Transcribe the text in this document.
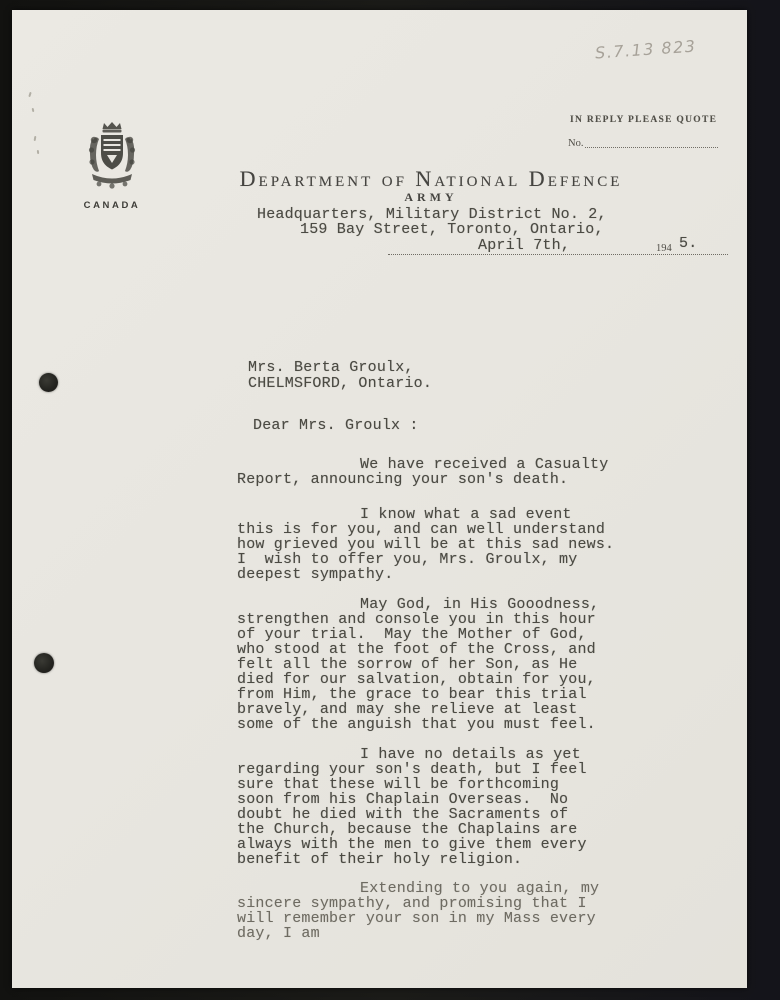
S.7.13 823
IN REPLY PLEASE QUOTE
No.
CANADA
Department of National Defence
ARMY
Headquarters, Military District No. 2,
159 Bay Street, Toronto, Ontario,
April 7th,	194 5.
Mrs. Berta Groulx,
CHELMSFORD, Ontario.
Dear Mrs. Groulx :
We have received a Casualty
Report, announcing your son's death.
I know what a sad event
this is for you, and can well understand
how grieved you will be at this sad news.
I  wish to offer you, Mrs. Groulx, my
deepest sympathy.
May God, in His Gooodness,
strengthen and console you in this hour
of your trial.  May the Mother of God,
who stood at the foot of the Cross, and
felt all the sorrow of her Son, as He
died for our salvation, obtain for you,
from Him, the grace to bear this trial
bravely, and may she relieve at least
some of the anguish that you must feel.
I have no details as yet
regarding your son's death, but I feel
sure that these will be forthcoming
soon from his Chaplain Overseas.  No
doubt he died with the Sacraments of
the Church, because the Chaplains are
always with the men to give them every
benefit of their holy religion.
Extending to you again, my
sincere sympathy, and promising that I
will remember your son in my Mass every
day, I am
